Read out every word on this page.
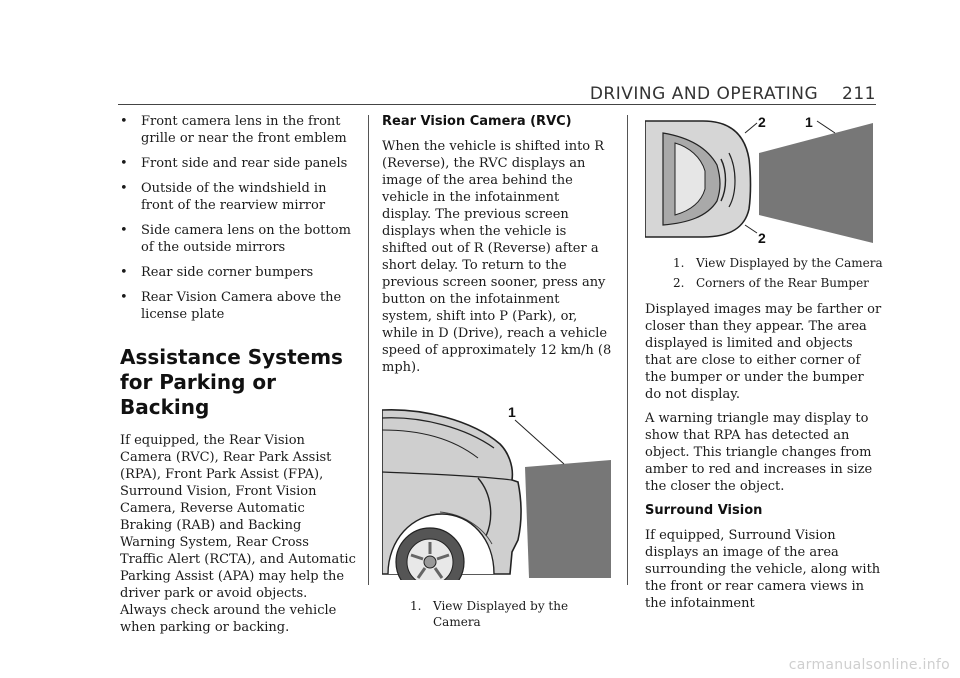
DRIVING AND OPERATING 211
• Front camera lens in the front grille or near the front emblem
• Front side and rear side panels
• Outside of the windshield in front of the rearview mirror
• Side camera lens on the bottom of the outside mirrors
• Rear side corner bumpers
• Rear Vision Camera above the license plate
Assistance Systems for Parking or Backing

If equipped, the Rear Vision Camera (RVC), Rear Park Assist (RPA), Front Park Assist (FPA), Surround Vision, Front Vision Camera, Reverse Automatic Braking (RAB) and Backing Warning System, Rear Cross Traffic Alert (RCTA), and Automatic Parking Assist (APA) may help the driver park or avoid objects. Always check around the vehicle when parking or backing.

Rear Vision Camera (RVC)

When the vehicle is shifted into R (Reverse), the RVC displays an image of the area behind the vehicle in the infotainment display. The previous screen displays when the vehicle is shifted out of R (Reverse) after a short delay. To return to the previous screen sooner, press any button on the infotainment system, shift into P (Park), or, while in D (Drive), reach a vehicle speed of approximately 12 km/h (8 mph).

1
1. View Displayed by the Camera
2	1
2
1. View Displayed by the Camera
2. Corners of the Rear Bumper

Displayed images may be farther or closer than they appear. The area displayed is limited and objects that are close to either corner of the bumper or under the bumper do not display.

A warning triangle may display to show that RPA has detected an object. This triangle changes from amber to red and increases in size the closer the object.

Surround Vision

If equipped, Surround Vision displays an image of the area surrounding the vehicle, along with the front or rear camera views in the infotainment

carmanualsonline.info
